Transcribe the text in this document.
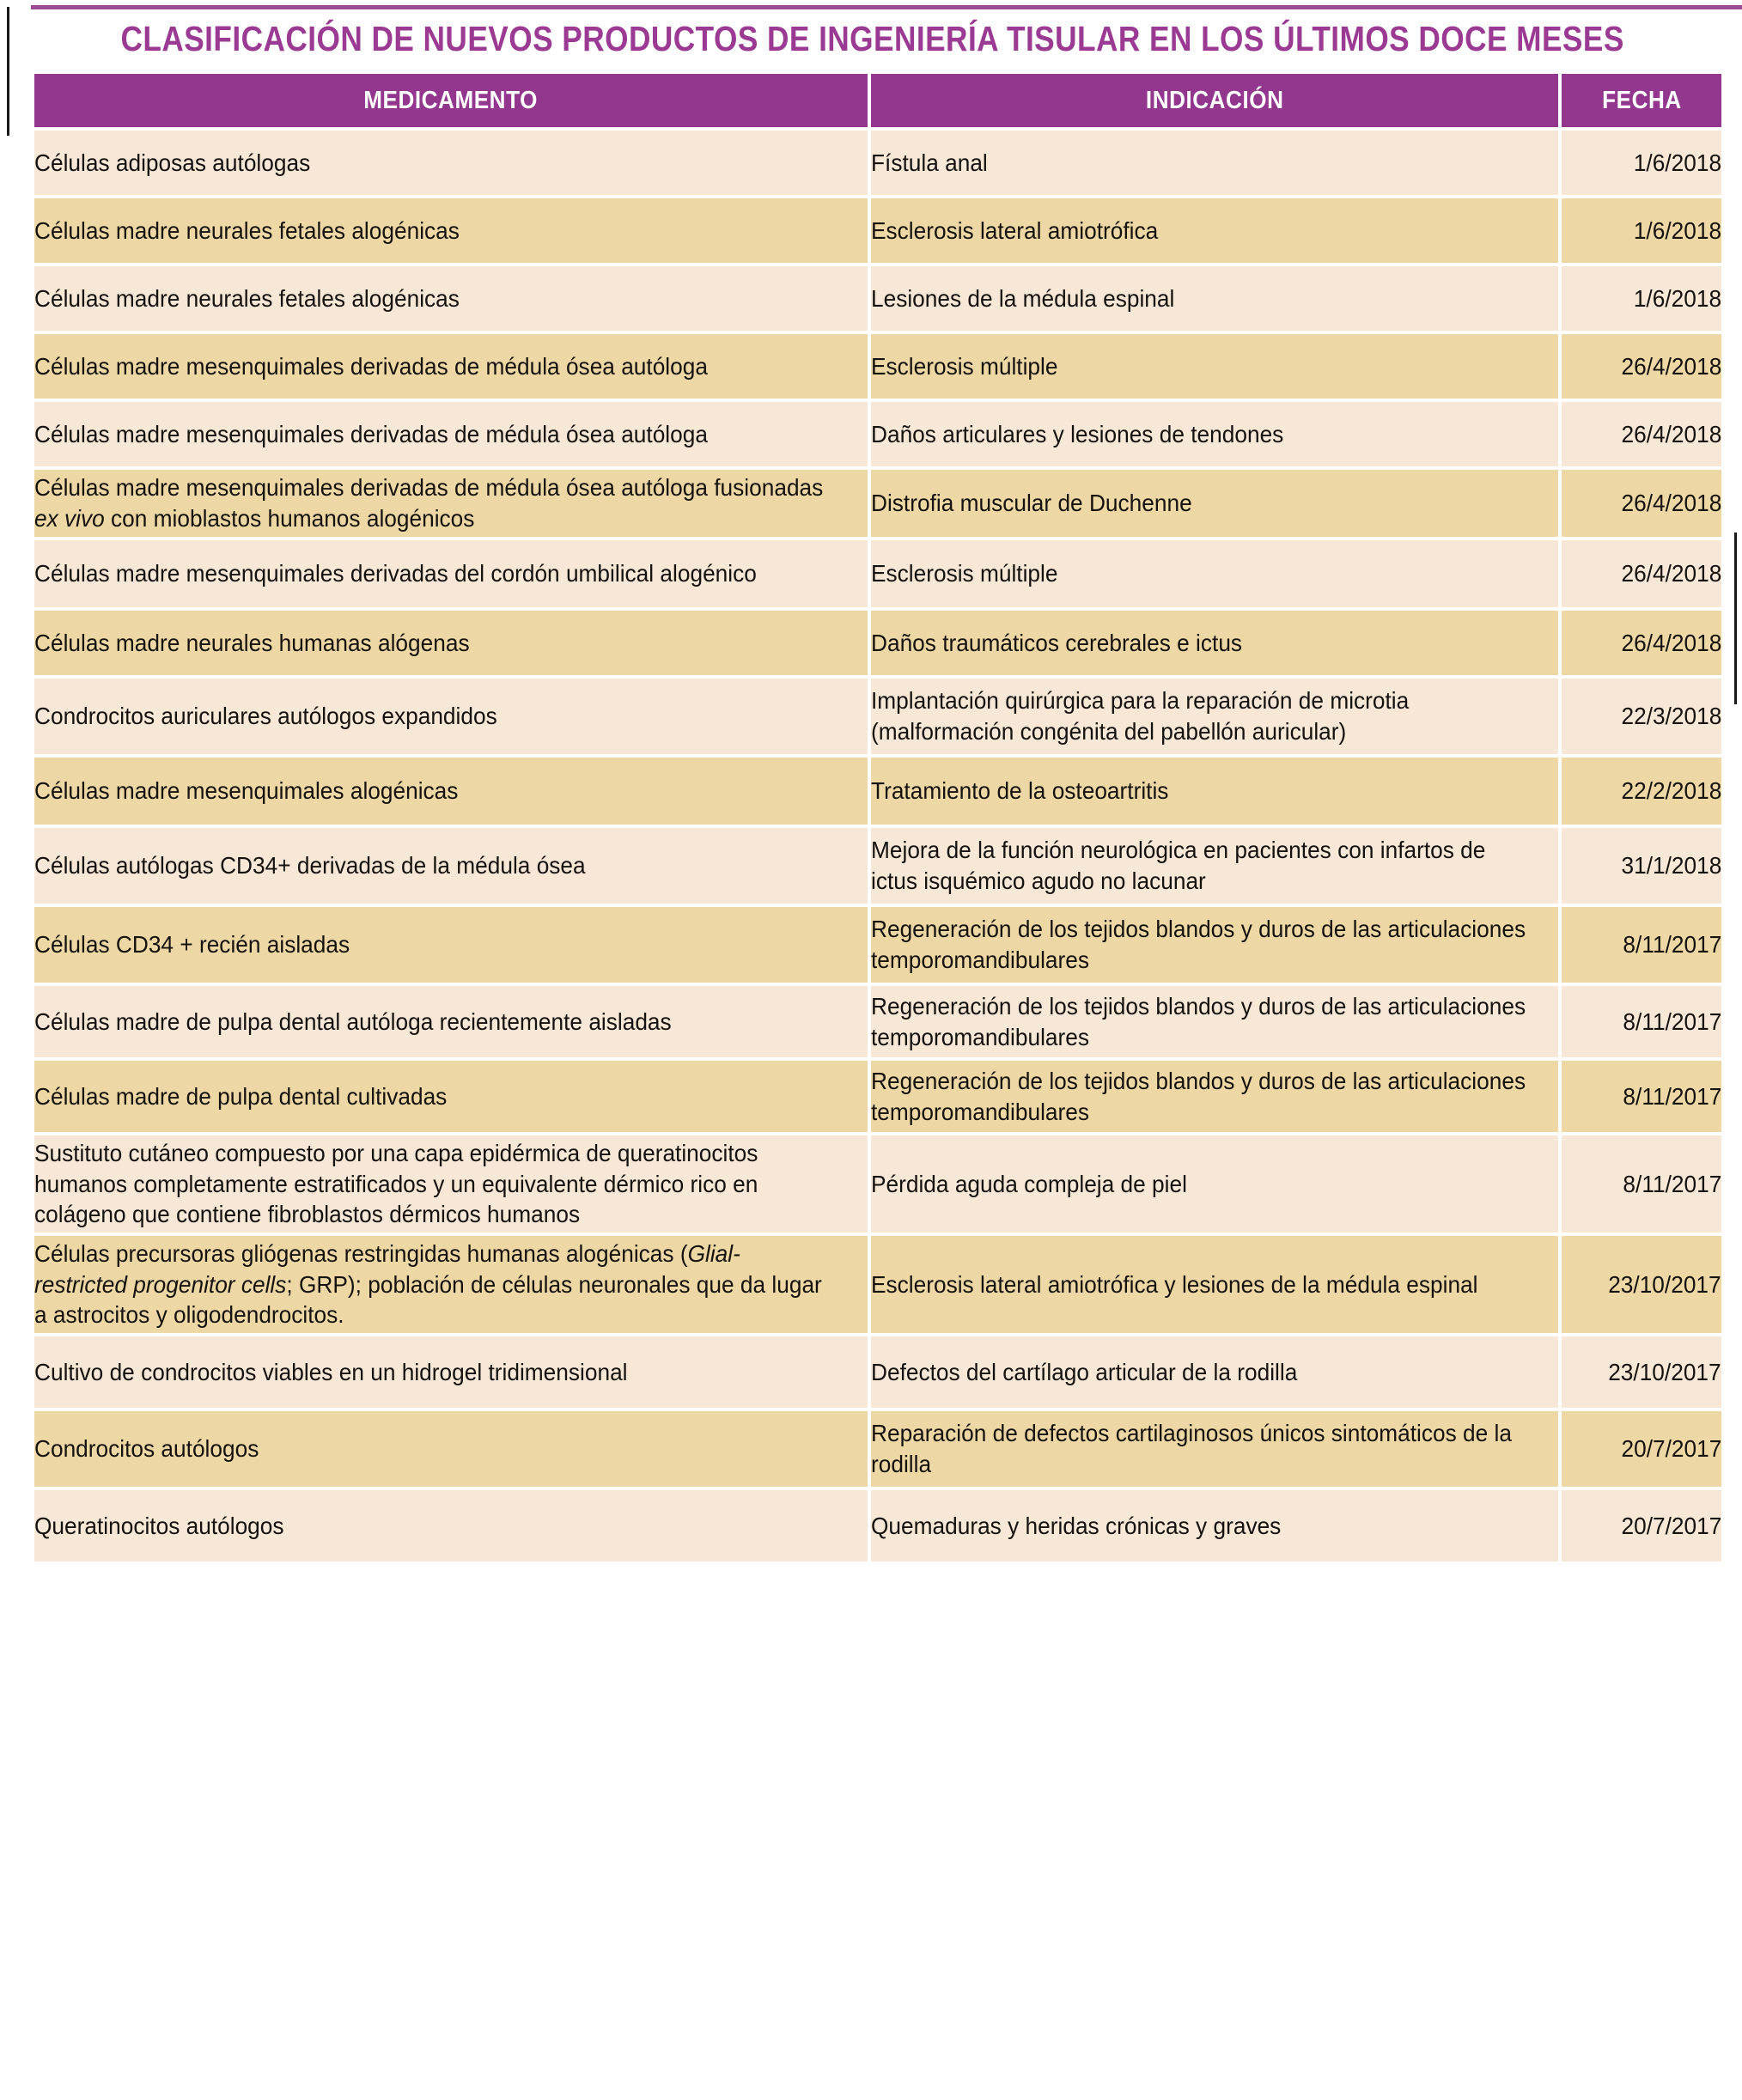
CLASIFICACIÓN DE NUEVOS PRODUCTOS DE INGENIERÍA TISULAR EN LOS ÚLTIMOS DOCE MESES
MEDICAMENTO	INDICACIÓN	FECHA
Células adiposas autólogas	Fístula anal	1/6/2018
Células madre neurales fetales alogénicas	Esclerosis lateral amiotrófica	1/6/2018
Células madre neurales fetales alogénicas	Lesiones de la médula espinal	1/6/2018
Células madre mesenquimales derivadas de médula ósea autóloga	Esclerosis múltiple	26/4/2018
Células madre mesenquimales derivadas de médula ósea autóloga	Daños articulares y lesiones de tendones	26/4/2018
Células madre mesenquimales derivadas de médula ósea autóloga fusionadas ex vivo con mioblastos humanos alogénicos	Distrofia muscular de Duchenne	26/4/2018
Células madre mesenquimales derivadas del cordón umbilical alogénico	Esclerosis múltiple	26/4/2018
Células madre neurales humanas alógenas	Daños traumáticos cerebrales e ictus	26/4/2018
Condrocitos auriculares autólogos expandidos	Implantación quirúrgica para la reparación de microtia (malformación congénita del pabellón auricular)	22/3/2018
Células madre mesenquimales alogénicas	Tratamiento de la osteoartritis	22/2/2018
Células autólogas CD34+ derivadas de la médula ósea	Mejora de la función neurológica en pacientes con infartos de ictus isquémico agudo no lacunar	31/1/2018
Células CD34 + recién aisladas	Regeneración de los tejidos blandos y duros de las articulaciones temporomandibulares	8/11/2017
Células madre de pulpa dental autóloga recientemente aisladas	Regeneración de los tejidos blandos y duros de las articulaciones temporomandibulares	8/11/2017
Células madre de pulpa dental cultivadas	Regeneración de los tejidos blandos y duros de las articulaciones temporomandibulares	8/11/2017
Sustituto cutáneo compuesto por una capa epidérmica de queratinocitos humanos completamente estratificados y un equivalente dérmico rico en colágeno que contiene fibroblastos dérmicos humanos	Pérdida aguda compleja de piel	8/11/2017
Células precursoras gliógenas restringidas humanas alogénicas (Glial-restricted progenitor cells; GRP); población de células neuronales que da lugar a astrocitos y oligodendrocitos.	Esclerosis lateral amiotrófica y lesiones de la médula espinal	23/10/2017
Cultivo de condrocitos viables en un hidrogel tridimensional	Defectos del cartílago articular de la rodilla	23/10/2017
Condrocitos autólogos	Reparación de defectos cartilaginosos únicos sintomáticos de la rodilla	20/7/2017
Queratinocitos autólogos	Quemaduras y heridas crónicas y graves	20/7/2017
